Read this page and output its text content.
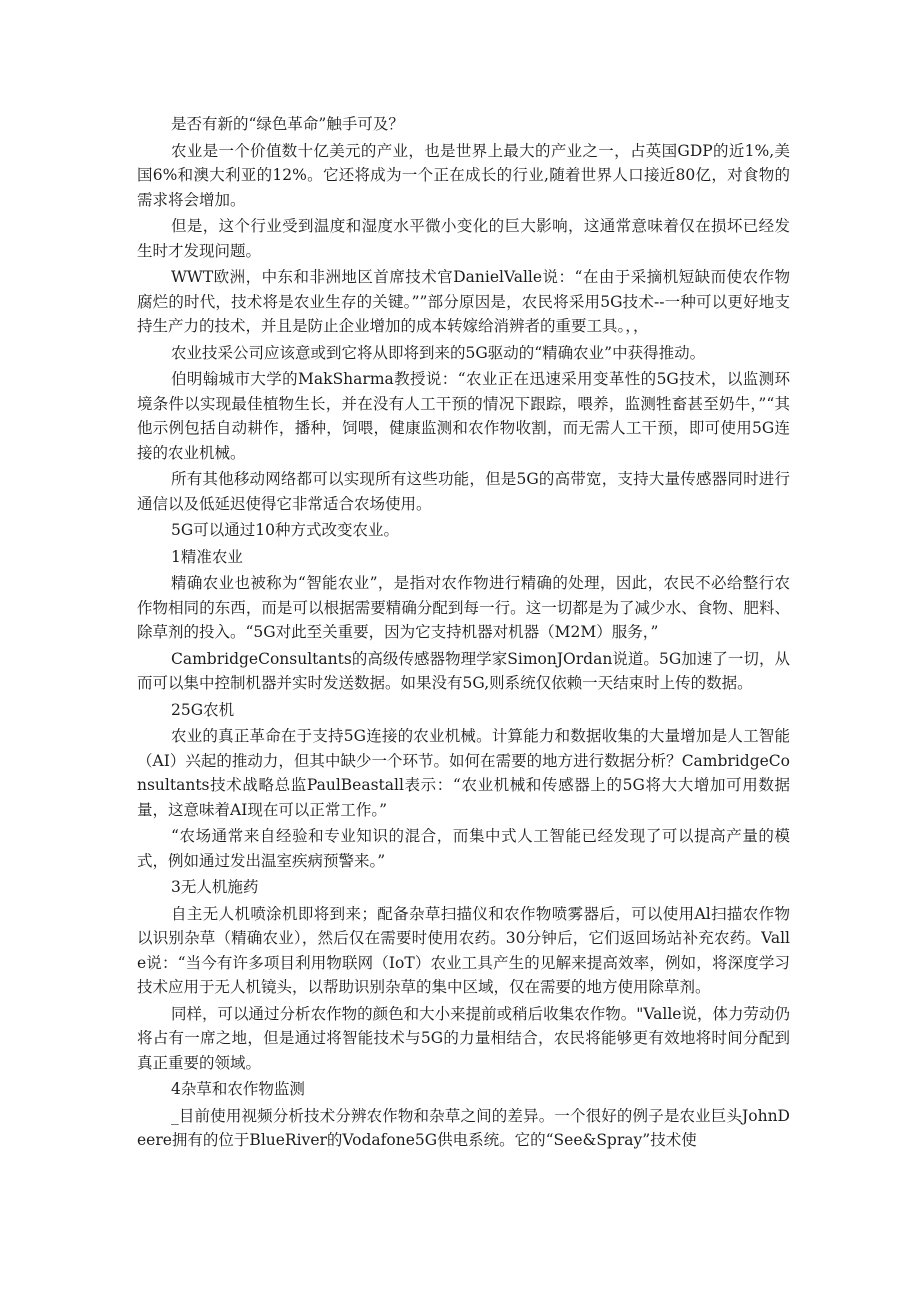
是否有新的“绿色革命”触手可及？

农业是一个价值数十亿美元的产业，也是世界上最大的产业之一，占英国GDP的近1%,美国6%和澳大利亚的12%。它还将成为一个正在成长的行业,随着世界人口接近80亿，对食物的需求将会增加。

但是，这个行业受到温度和湿度水平微小变化的巨大影响，这通常意味着仅在损坏已经发生时才发现问题。

WWT欧洲，中东和非洲地区首席技术官DanielValle说：“在由于采摘机短缺而使农作物腐烂的时代，技术将是农业生存的关键。””部分原因是，农民将采用5G技术--一种可以更好地支持生产力的技术，并且是防止企业增加的成本转嫁给消辨者的重要工具。，，

农业技采公司应该意或到它将从即将到来的5G驱动的“精确农业”中获得推动。

伯明翰城市大学的MakSharma教授说：“农业正在迅速采用变革性的5G技术，以监测环境条件以实现最佳植物生长，并在没有人工干预的情况下跟踪，喂养，监测牲畜甚至奶牛，”“其他示例包括自动耕作，播种，饲喂，健康监测和农作物收割，而无需人工干预，即可使用5G连接的农业机械。

所有其他移动网络都可以实现所有这些功能，但是5G的高带宽，支持大量传感器同时进行通信以及低延迟使得它非常适合农场使用。

5G可以通过10种方式改变农业。

1精准农业

精确农业也被称为“智能农业”，是指对农作物进行精确的处理，因此，农民不必给整行农作物相同的东西，而是可以根据需要精确分配到每一行。这一切都是为了减少水、食物、肥料、除草剂的投入。“5G对此至关重要，因为它支持机器对机器（M2M）服务，”

CambridgeConsultants的高级传感器物理学家SimonJOrdan说道。5G加速了一切，从而可以集中控制机器并实时发送数据。如果没有5G,则系统仅依赖一天结束时上传的数据。

25G农机

农业的真正革命在于支持5G连接的农业机械。计算能力和数据收集的大量增加是人工智能（AI）兴起的推动力，但其中缺少一个环节。如何在需要的地方进行数据分析？CambridgeConsultants技术战略总监PaulBeastall表示：“农业机械和传感器上的5G将大大增加可用数据量，这意味着AI现在可以正常工作。”

“农场通常来自经验和专业知识的混合，而集中式人工智能已经发现了可以提高产量的模式，例如通过发出温室疾病预警来。”

3无人机施药

自主无人机喷涂机即将到来；配备杂草扫描仪和农作物喷雾器后，可以使用Al扫描农作物以识别杂草（精确农业），然后仅在需要时使用农药。30分钟后，它们返回场站补充农药。Valle说：“当今有许多项目利用物联网（IoT）农业工具产生的见解来提高效率，例如，将深度学习技术应用于无人机镜头，以帮助识别杂草的集中区域，仅在需要的地方使用除草剂。

同样，可以通过分析农作物的颜色和大小来提前或稍后收集农作物。"Valle说，体力劳动仍将占有一席之地，但是通过将智能技术与5G的力量相结合，农民将能够更有效地将时间分配到真正重要的领域。

4杂草和农作物监测

_目前使用视频分析技术分辨农作物和杂草之间的差异。一个很好的例子是农业巨头JohnDeere拥有的位于BlueRiver的Vodafone5G供电系统。它的“See&Spray”技术使
